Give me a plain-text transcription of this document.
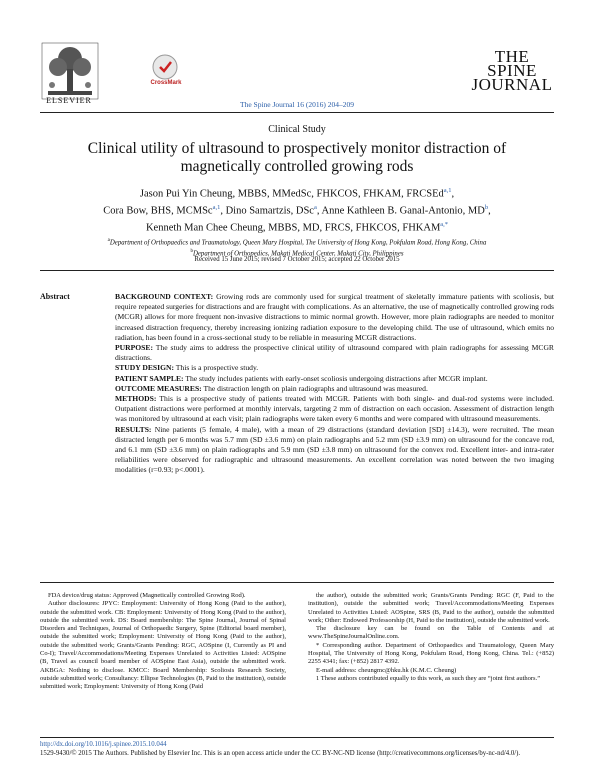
ELSEVIER
CrossMark
THE
SPINE
JOURNAL
The Spine Journal 16 (2016) 204–209
Clinical Study
Clinical utility of ultrasound to prospectively monitor distraction of
magnetically controlled growing rods
Jason Pui Yin Cheung, MBBS, MMedSc, FHKCOS, FHKAM, FRCSEd$^{a,1}$,
Cora Bow, BHS, MCMSc$^{a,1}$, Dino Samartzis, DSc$^a$, Anne Kathleen B. Ganal-Antonio, $MD^b$,
Kenneth Man Chee Cheung, MBBS, MD, FRCS, FHKCOS, $FHKAM^{a,*}$
$^a$Department of Orthopaedics and Traumatology, Queen Mary Hospital, The University of Hong Kong, Pokfulam Road, Hong Kong, China
$^b$Department of Orthopedics, Makati Medical Center, Makati City, Philippines
Received 15 June 2015; revised 7 October 2015; accepted 22 October 2015
Abstract	BACKGROUND CONTEXT: Growing rods are commonly used for surgical treatment of skeletally immature patients with scoliosis, but require repeated surgeries for distractions and are fraught with complications. As an alternative, the use of magnetically controlled growing rods (MCGR) allows for more frequent non-invasive distractions to mimic normal growth. However, more plain radiographs are needed to monitor increased distraction frequency, thereby increasing ionizing radiation exposure to the developing child. The use of ultrasound, which emits no radiation, has been found in a cross-sectional study to be reliable in measuring MCGR distractions.

PURPOSE: The study aims to address the prospective clinical utility of ultrasound compared with plain radiographs for assessing MCGR distractions.

STUDY DESIGN: This is a prospective study.

PATIENT SAMPLE: The study includes patients with early-onset scoliosis undergoing distractions after MCGR implant.

OUTCOME MEASURES: The distraction length on plain radiographs and ultrasound was measured.

METHODS: This is a prospective study of patients treated with MCGR. Patients with both single- and dual-rod systems were included. Outpatient distractions were performed at monthly intervals, targeting 2 mm of distraction on each occasion. Assessment of distraction length was monitored by ultrasound at each visit; plain radiographs were taken every 6 months and were compared with ultrasound measurements.

RESULTS: Nine patients (5 female, 4 male), with a mean of 29 distractions (standard deviation [SD] ±14.3), were recruited. The mean distracted length per 6 months was 5.7 mm (SD ±3.6 mm) on plain radiographs and 5.2 mm (SD ±3.9 mm) on ultrasound for the concave rod, and 6.1 mm (SD ±3.6 mm) on plain radiographs and 5.9 mm (SD ±3.8 mm) on ultrasound for the convex rod. Excellent inter- and intra-rater reliabilities were observed for radiographic and ultrasound measurements. An excellent correlation was noted between the two imaging modalities (r=0.93; p<.0001).

FDA device/drug status: Approved (Magnetically controlled Growing Rod).

Author disclosures: JPYC: Employment: University of Hong Kong (Paid to the author), outside the submitted work. CB: Employment: University of Hong Kong (Paid to the author), outside the submitted work. DS: Board membership: The Spine Journal, Journal of Spinal Disorders and Techniques, Journal of Orthopaedic Surgery, Spine (Editorial board member), outside the submitted work; Employment: University of Hong Kong (Paid to the author), outside the submitted work; Grants/Grants Pending: RGC, AOSpine (I, Currently as PI and Co-I); Travel/Accommodations/Meeting Expenses Unrelated to Activities Listed: AOSpine (B, Travel as council board member of AOSpine East Asia), outside the submitted work. AKBGA: Nothing to disclose. KMCC: Board Membership: Scoliosis Research Society, outside submitted work; Consultancy: Ellipse Technologies (B, Paid to the institution), outside submitted work; Employment: University of Hong Kong (Paid

the author), outside the submitted work; Grants/Grants Pending: RGC (F, Paid to the institution), outside the submitted work; Travel/Accommodations/Meeting Expenses Unrelated to Activities Listed: AOSpine, SRS (B, Paid to the author), outside the submitted work; Other: Endowed Professorship (H, Paid to the institution), outside the submitted work.

The disclosure key can be found on the Table of Contents and at www.TheSpineJournalOnline.com.

* Corresponding author. Department of Orthopaedics and Traumatology, Queen Mary Hospital, The University of Hong Kong, Pokfulam Road, Hong Kong, China. Tel.: (+852) 2255 4341; fax: (+852) 2817 4392.

E-mail address: cheungmc@hku.hk (K.M.C. Cheung)

1 These authors contributed equally to this work, as such they are “joint first authors.”

http://dx.doi.org/10.1016/j.spinee.2015.10.044
1529-9430/© 2015 The Authors. Published by Elsevier Inc. This is an open access article under the CC BY-NC-ND license (http://creativecommons.org/licenses/by-nc-nd/4.0/).
